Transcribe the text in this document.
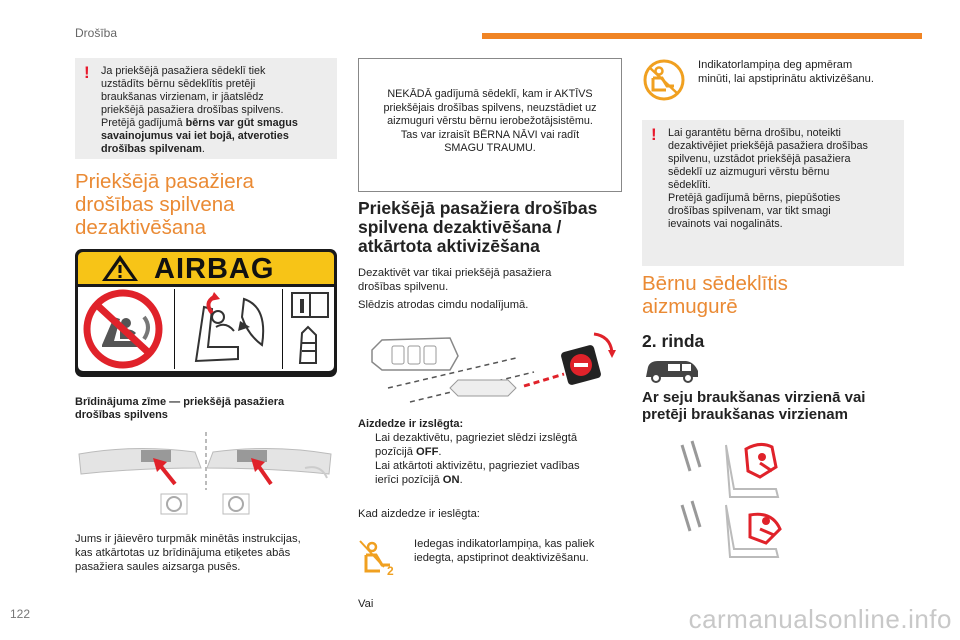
Drošība
! Ja priekšējā pasažiera sēdeklī tiek
uzstādīts bērnu sēdeklītis pretēji
braukšanas virzienam, ir jāatslēdz
priekšējā pasažiera drošības spilvens.
Pretējā gadījumā bērns var gūt smagus
savainojumus vai iet bojā, atveroties
drošības spilvenam.
Priekšējā pasažiera
drošības spilvena
dezaktivēšana
AIRBAG
Brīdinājuma zīme — priekšējā pasažiera
drošības spilvens
Jums ir jāievēro turpmāk minētās instrukcijas,
kas atkārtotas uz brīdinājuma etiķetes abās
pasažiera saules aizsarga pusēs.
NEKĀDĀ gadījumā sēdeklī, kam ir AKTĪVS
priekšējais drošības spilvens, neuzstādiet uz
aizmuguri vērstu bērnu ierobežotājsistēmu.
Tas var izraisīt BĒRNA NĀVI vai radīt
SMAGU TRAUMU.
Priekšējā pasažiera drošības
spilvena dezaktivēšana /
atkārtota aktivizēšana
Dezaktivēt var tikai priekšējā pasažiera
drošības spilvenu.
Slēdzis atrodas cimdu nodalījumā.
Aizdedze ir izslēgta:
Lai dezaktivētu, pagrieziet slēdzi izslēgtā
pozīcijā OFF.
Lai atkārtoti aktivizētu, pagrieziet vadības
ierīci pozīcijā ON.
Kad aizdedze ir ieslēgta:
2
Iedegas indikatorlampiņa, kas paliek
iedegta, apstiprinot deaktivizēšanu.
Vai
Indikatorlampiņa deg apmēram
minūti, lai apstiprinātu aktivizēšanu.
! Lai garantētu bērna drošību, noteikti
dezaktivējiet priekšējā pasažiera drošības
spilvenu, uzstādot priekšējā pasažiera
sēdeklī uz aizmuguri vērstu bērnu
sēdeklīti.
Pretējā gadījumā bērns, piepūšoties
drošības spilvenam, var tikt smagi
ievainots vai nogalināts.
Bērnu sēdeklītis
aizmugurē
2. rinda
Ar seju braukšanas virzienā vai
pretēji braukšanas virzienam
122	carmanualsonline.info
